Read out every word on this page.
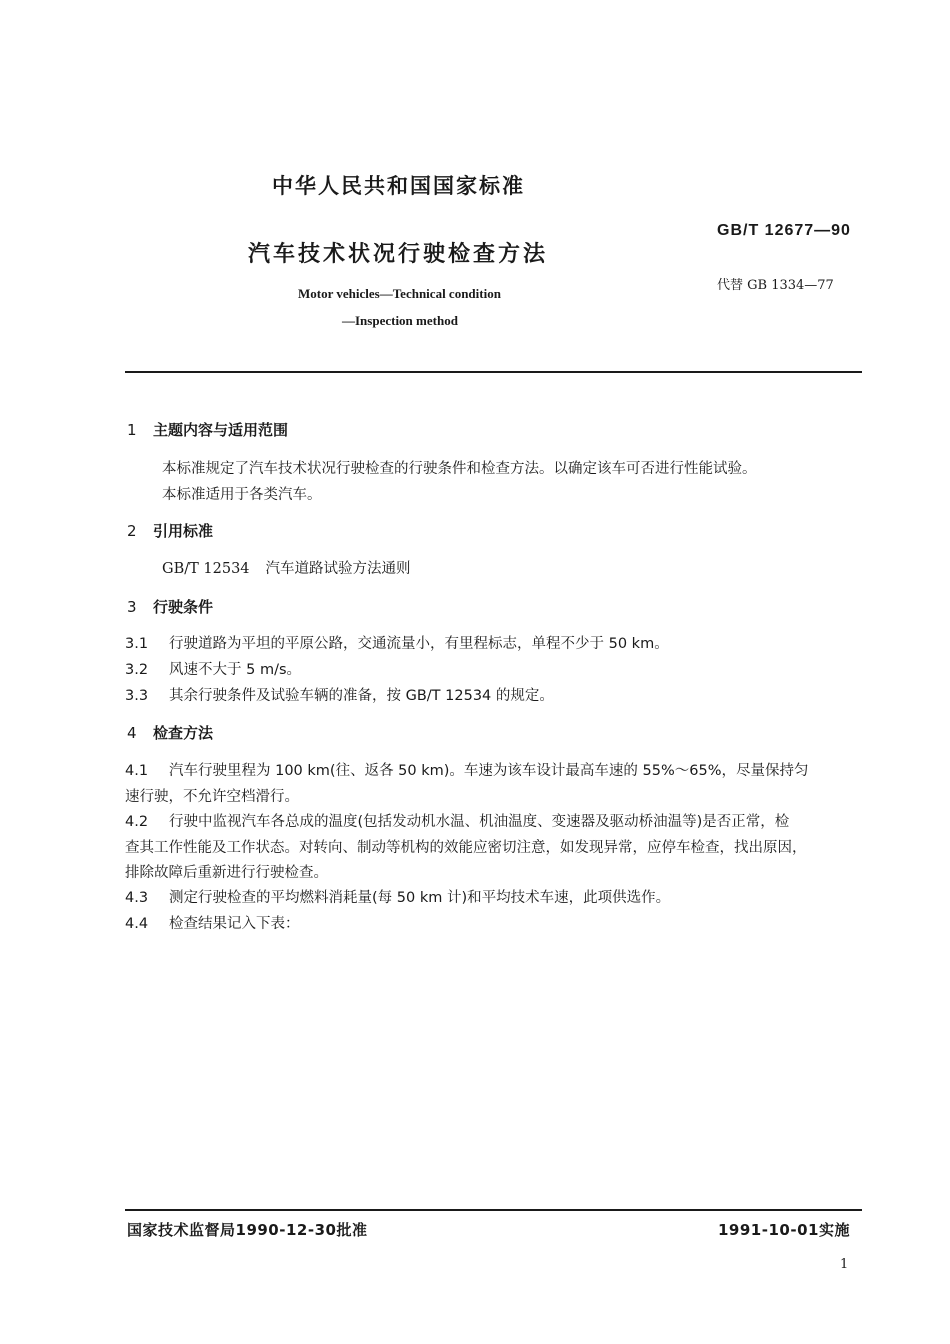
中华人民共和国国家标准
汽车技术状况行驶检查方法
GB/T 12677—90
代替 GB 1334—77
Motor vehicles—Technical condition
—Inspection method
1 主题内容与适用范围
本标准规定了汽车技术状况行驶检查的行驶条件和检查方法。以确定该车可否进行性能试验。
本标准适用于各类汽车。
2 引用标准
GB/T 12534 汽车道路试验方法通则
3 行驶条件
3.1 行驶道路为平坦的平原公路，交通流量小，有里程标志，单程不少于 50 km。
3.2 风速不大于 5 m/s。
3.3 其余行驶条件及试验车辆的准备，按 GB/T 12534 的规定。
4 检查方法
4.1 汽车行驶里程为 100 km(往、返各 50 km)。车速为该车设计最高车速的 55%～65%，尽量保持匀
速行驶，不允许空档滑行。
4.2 行驶中监视汽车各总成的温度(包括发动机水温、机油温度、变速器及驱动桥油温等)是否正常，检
查其工作性能及工作状态。对转向、制动等机构的效能应密切注意，如发现异常，应停车检查，找出原因，
排除故障后重新进行行驶检查。
4.3 测定行驶检查的平均燃料消耗量(每 50 km 计)和平均技术车速，此项供选作。
4.4 检查结果记入下表：
国家技术监督局1990-12-30批准	1991-10-01实施
1
